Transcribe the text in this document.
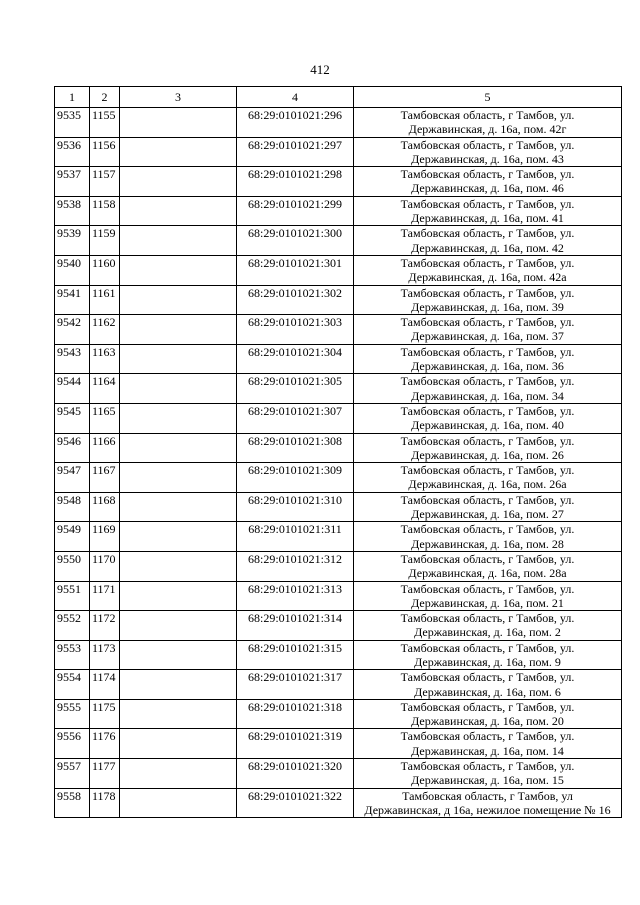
412
1	2	3	4	5
9535	1155		68:29:0101021:296	Тамбовская область, г Тамбов, ул.
Державинская, д. 16а, пом. 42г

9536	1156		68:29:0101021:297	Тамбовская область, г Тамбов, ул.
Державинская, д. 16а, пом. 43

9537	1157		68:29:0101021:298	Тамбовская область, г Тамбов, ул.
Державинская, д. 16а, пом. 46

9538	1158		68:29:0101021:299	Тамбовская область, г Тамбов, ул.
Державинская, д. 16а, пом. 41

9539	1159		68:29:0101021:300	Тамбовская область, г Тамбов, ул.
Державинская, д. 16а, пом. 42

9540	1160		68:29:0101021:301	Тамбовская область, г Тамбов, ул.
Державинская, д. 16а, пом. 42а

9541	1161		68:29:0101021:302	Тамбовская область, г Тамбов, ул.
Державинская, д. 16а, пом. 39

9542	1162		68:29:0101021:303	Тамбовская область, г Тамбов, ул.
Державинская, д. 16а, пом. 37

9543	1163		68:29:0101021:304	Тамбовская область, г Тамбов, ул.
Державинская, д. 16а, пом. 36

9544	1164		68:29:0101021:305	Тамбовская область, г Тамбов, ул.
Державинская, д. 16а, пом. 34

9545	1165		68:29:0101021:307	Тамбовская область, г Тамбов, ул.
Державинская, д. 16а, пом. 40

9546	1166		68:29:0101021:308	Тамбовская область, г Тамбов, ул.
Державинская, д. 16а, пом. 26

9547	1167		68:29:0101021:309	Тамбовская область, г Тамбов, ул.
Державинская, д. 16а, пом. 26а

9548	1168		68:29:0101021:310	Тамбовская область, г Тамбов, ул.
Державинская, д. 16а, пом. 27

9549	1169		68:29:0101021:311	Тамбовская область, г Тамбов, ул.
Державинская, д. 16а, пом. 28

9550	1170		68:29:0101021:312	Тамбовская область, г Тамбов, ул.
Державинская, д. 16а, пом. 28а

9551	1171		68:29:0101021:313	Тамбовская область, г Тамбов, ул.
Державинская, д. 16а, пом. 21

9552	1172		68:29:0101021:314	Тамбовская область, г Тамбов, ул.
Державинская, д. 16а, пом. 2

9553	1173		68:29:0101021:315	Тамбовская область, г Тамбов, ул.
Державинская, д. 16а, пом. 9

9554	1174		68:29:0101021:317	Тамбовская область, г Тамбов, ул.
Державинская, д. 16а, пом. 6

9555	1175		68:29:0101021:318	Тамбовская область, г Тамбов, ул.
Державинская, д. 16а, пом. 20

9556	1176		68:29:0101021:319	Тамбовская область, г Тамбов, ул.
Державинская, д. 16а, пом. 14

9557	1177		68:29:0101021:320	Тамбовская область, г Тамбов, ул.
Державинская, д. 16а, пом. 15

9558	1178		68:29:0101021:322	Тамбовская область, г Тамбов, ул
Державинская, д 16а, нежилое помещение № 16
